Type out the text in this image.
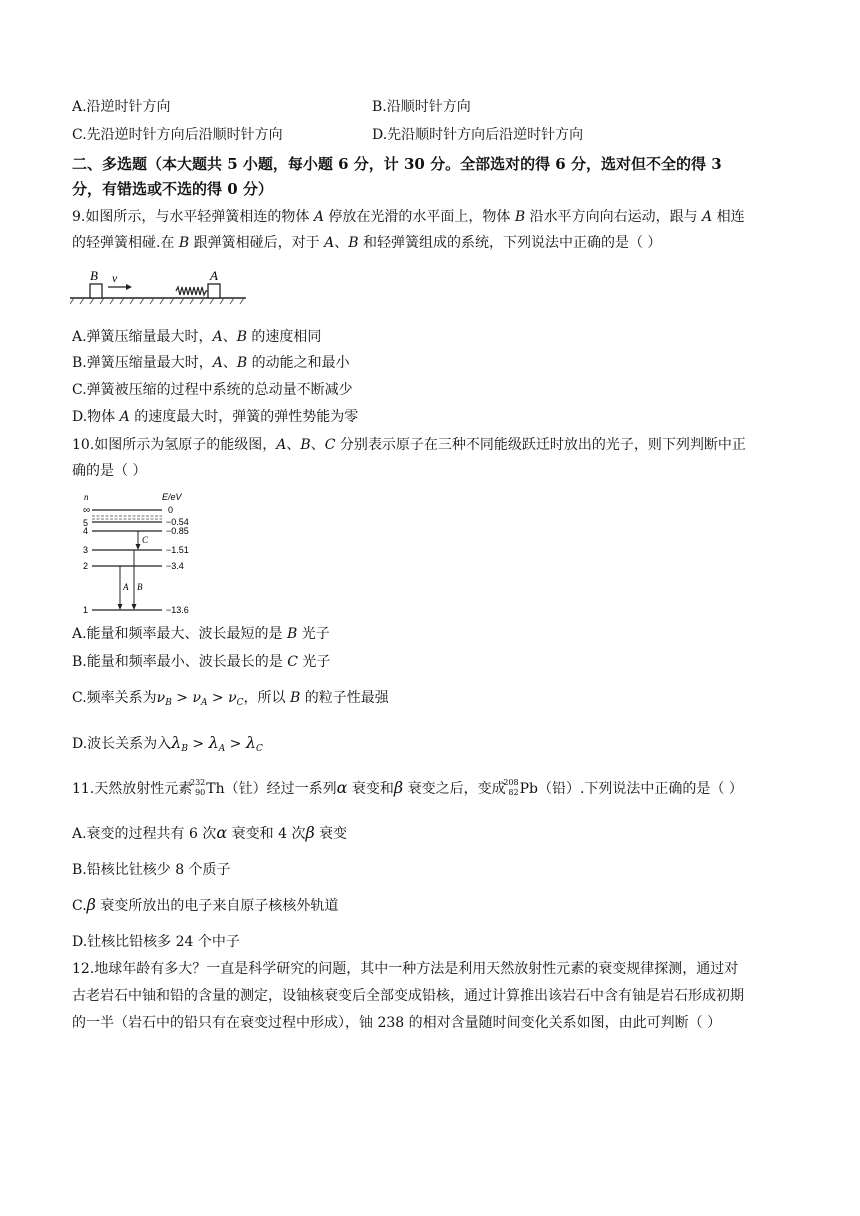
A.沿逆时针方向	B.沿顺时针方向
C.先沿逆时针方向后沿顺时针方向	D.先沿顺时针方向后沿逆时针方向
二、多选题（本大题共 5 小题，每小题 6 分，计 30 分。全部选对的得 6 分，选对但不全的得 3
分，有错选或不选的得 0 分）
9.如图所示，与水平轻弹簧相连的物体 A 停放在光滑的水平面上，物体 B 沿水平方向向右运动，跟与 A 相连
的轻弹簧相碰.在 B 跟弹簧相碰后，对于 A、B 和轻弹簧组成的系统，下列说法中正确的是（ ）
B v	A
A.弹簧压缩量最大时，A、B 的速度相同
B.弹簧压缩量最大时，A、B 的动能之和最小
C.弹簧被压缩的过程中系统的总动量不断减少
D.物体 A 的速度最大时，弹簧的弹性势能为零
10.如图所示为氢原子的能级图，A、B、C 分别表示原子在三种不同能级跃迁时放出的光子，则下列判断中正
确的是（ ）
n	E/eV
∞
5
4
3
2
1
0
−0.54
−0.85
−1.51
−3.4
−13.6
A B
C
A.能量和频率最大、波长最短的是 B 光子
B.能量和频率最小、波长最长的是 C 光子
C.频率关系为$\nu_B > \nu_A > \nu_C$，所以 B 的粒子性最强
D.波长关系为入$\lambda_B > \lambda_A > \lambda_C$
11.天然放射性元素
232
90 Th（钍）经过一系列α 衰变和β 衰变之后，变成
208
82 Pb（铅）.下列说法中正确的是（ ）
A.衰变的过程共有 6 次α 衰变和 4 次β 衰变
B.铅核比钍核少 8 个质子
C.β 衰变所放出的电子来自原子核核外轨道
D.钍核比铅核多 24 个中子
12.地球年龄有多大？一直是科学研究的问题，其中一种方法是利用天然放射性元素的衰变规律探测，通过对
古老岩石中铀和铅的含量的测定，设铀核衰变后全部变成铅核，通过计算推出该岩石中含有铀是岩石形成初期
的一半（岩石中的铅只有在衰变过程中形成），铀 238 的相对含量随时间变化关系如图，由此可判断（ ）
